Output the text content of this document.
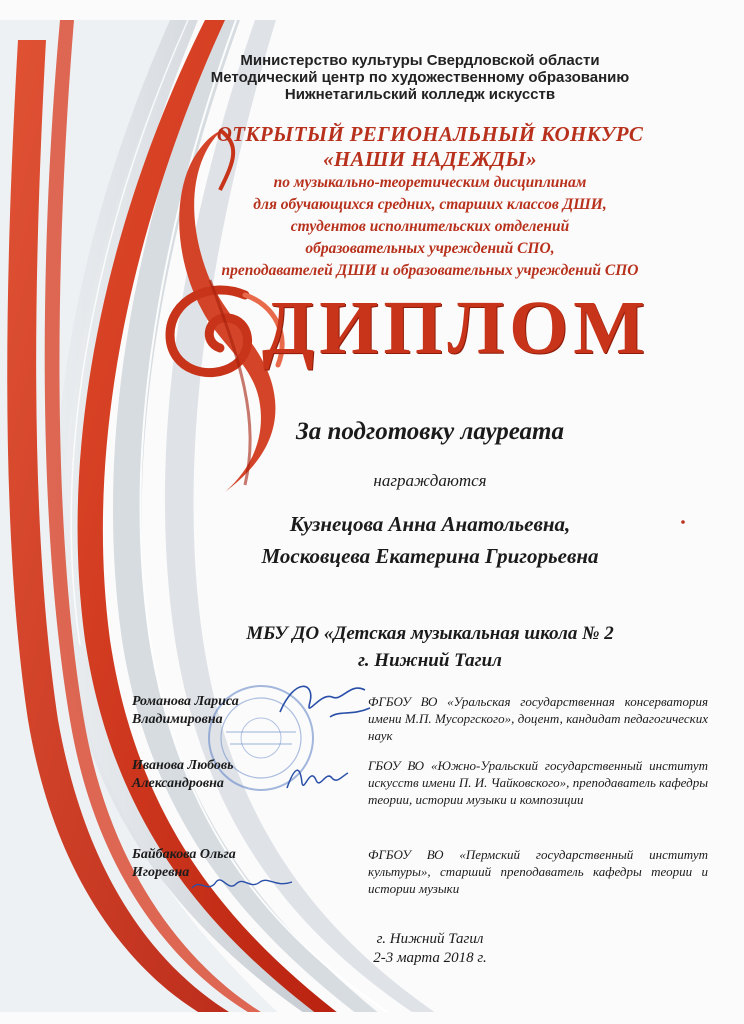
Министерство культуры Свердловской области
Методический центр по художественному образованию
Нижнетагильский колледж искусств
ОТКРЫТЫЙ РЕГИОНАЛЬНЫЙ КОНКУРС
«НАШИ НАДЕЖДЫ»
по музыкально-теоретическим дисциплинам
для обучающихся средних, старших классов ДШИ,
студентов исполнительских отделений
образовательных учреждений СПО,
преподавателей ДШИ и образовательных учреждений СПО
ДИПЛОМ
За подготовку лауреата
награждаются
Кузнецова Анна Анатольевна,
Московцева Екатерина Григорьевна
МБУ ДО «Детская музыкальная школа № 2
г. Нижний Тагил
Романова Лариса
Владимировна
ФГБОУ ВО «Уральская государственная консерватория имени М.П. Мусоргского», доцент, кандидат педагогических наук
Иванова Любовь
Александровна
ГБОУ ВО «Южно-Уральский государственный институт искусств имени П. И. Чайковского», преподаватель кафедры теории, истории музыки и композиции
Байбакова Ольга
Игоревна
ФГБОУ ВО «Пермский государственный институт культуры», старший преподаватель кафедры теории и истории музыки
г. Нижний Тагил
2-3 марта 2018 г.
